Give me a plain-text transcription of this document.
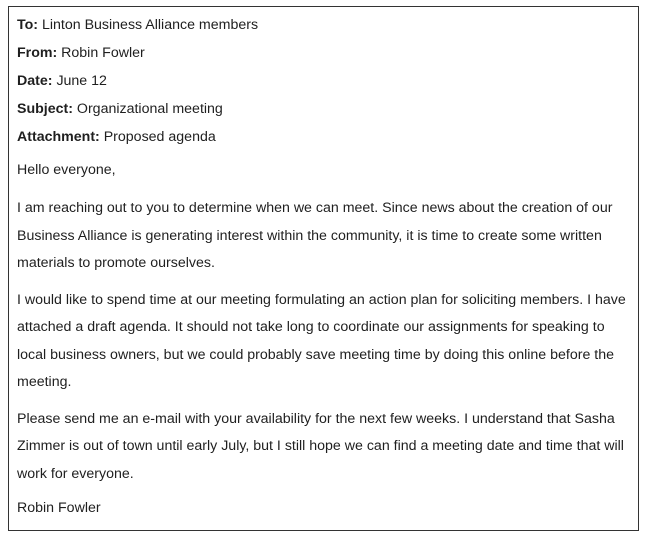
To: Linton Business Alliance members
From: Robin Fowler
Date: June 12
Subject: Organizational meeting
Attachment: Proposed agenda

Hello everyone,

I am reaching out to you to determine when we can meet. Since news about the creation of our Business Alliance is generating interest within the community, it is time to create some written materials to promote ourselves.

I would like to spend time at our meeting formulating an action plan for soliciting members. I have attached a draft agenda. It should not take long to coordinate our assignments for speaking to local business owners, but we could probably save meeting time by doing this online before the meeting.

Please send me an e-mail with your availability for the next few weeks. I understand that Sasha Zimmer is out of town until early July, but I still hope we can find a meeting date and time that will work for everyone.

Robin Fowler
